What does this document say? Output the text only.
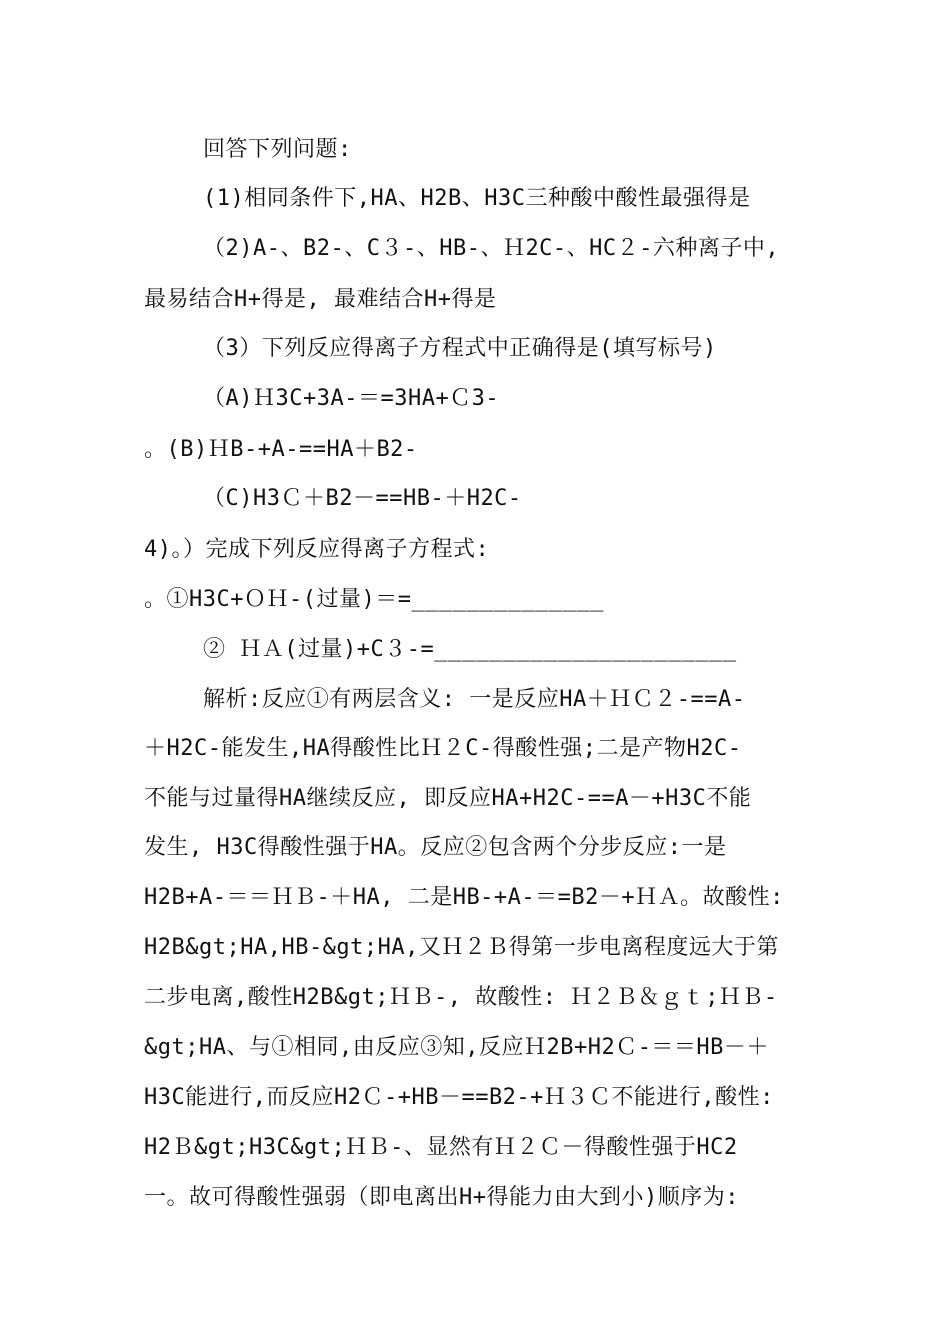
回答下列问题:
(1)相同条件下,HA、H2B、H3C三种酸中酸性最强得是
（2)A-、B2-、C３-、HB-、Ｈ2C-、HC２-六种离子中,
最易结合H+得是, 最难结合H+得是
（3）下列反应得离子方程式中正确得是(填写标号)
（A)Ｈ3C+3A-＝=3HA+Ｃ3-
。(B)ＨB-+A-==HA＋B2-
（C)H3Ｃ＋B2－==HB-＋H2C-
4)。）完成下列反应得离子方程式:
。①H3C+ＯＨ-(过量)＝=______________
② ＨＡ(过量)+C３-=______________________
解析:反应①有两层含义: 一是反应HA＋ＨＣ２-==A-
＋H2C-能发生,HA得酸性比Ｈ２C-得酸性强;二是产物H2C-
不能与过量得HA继续反应, 即反应HA+H2C-==A－+H3C不能
发生, H3C得酸性强于HA。反应②包含两个分步反应:一是
H2B+A-＝＝ＨＢ-＋HA, 二是HB-+A-＝=B2－+ＨＡ。故酸性:
H2B&gt;HA,HB-&gt;HA,又Ｈ２Ｂ得第一步电离程度远大于第
二步电离,酸性H2B&gt;ＨＢ-, 故酸性: Ｈ２Ｂ＆ｇｔ;ＨＢ-
&gt;HA、与①相同,由反应③知,反应Ｈ2B+H2Ｃ-＝＝HB－＋
H3C能进行,而反应H2Ｃ-+HB－==B2-+Ｈ３Ｃ不能进行,酸性:
H2Ｂ&gt;H3C&gt;ＨＢ-、显然有Ｈ２Ｃ－得酸性强于HC2
一。故可得酸性强弱（即电离出H+得能力由大到小)顺序为:
